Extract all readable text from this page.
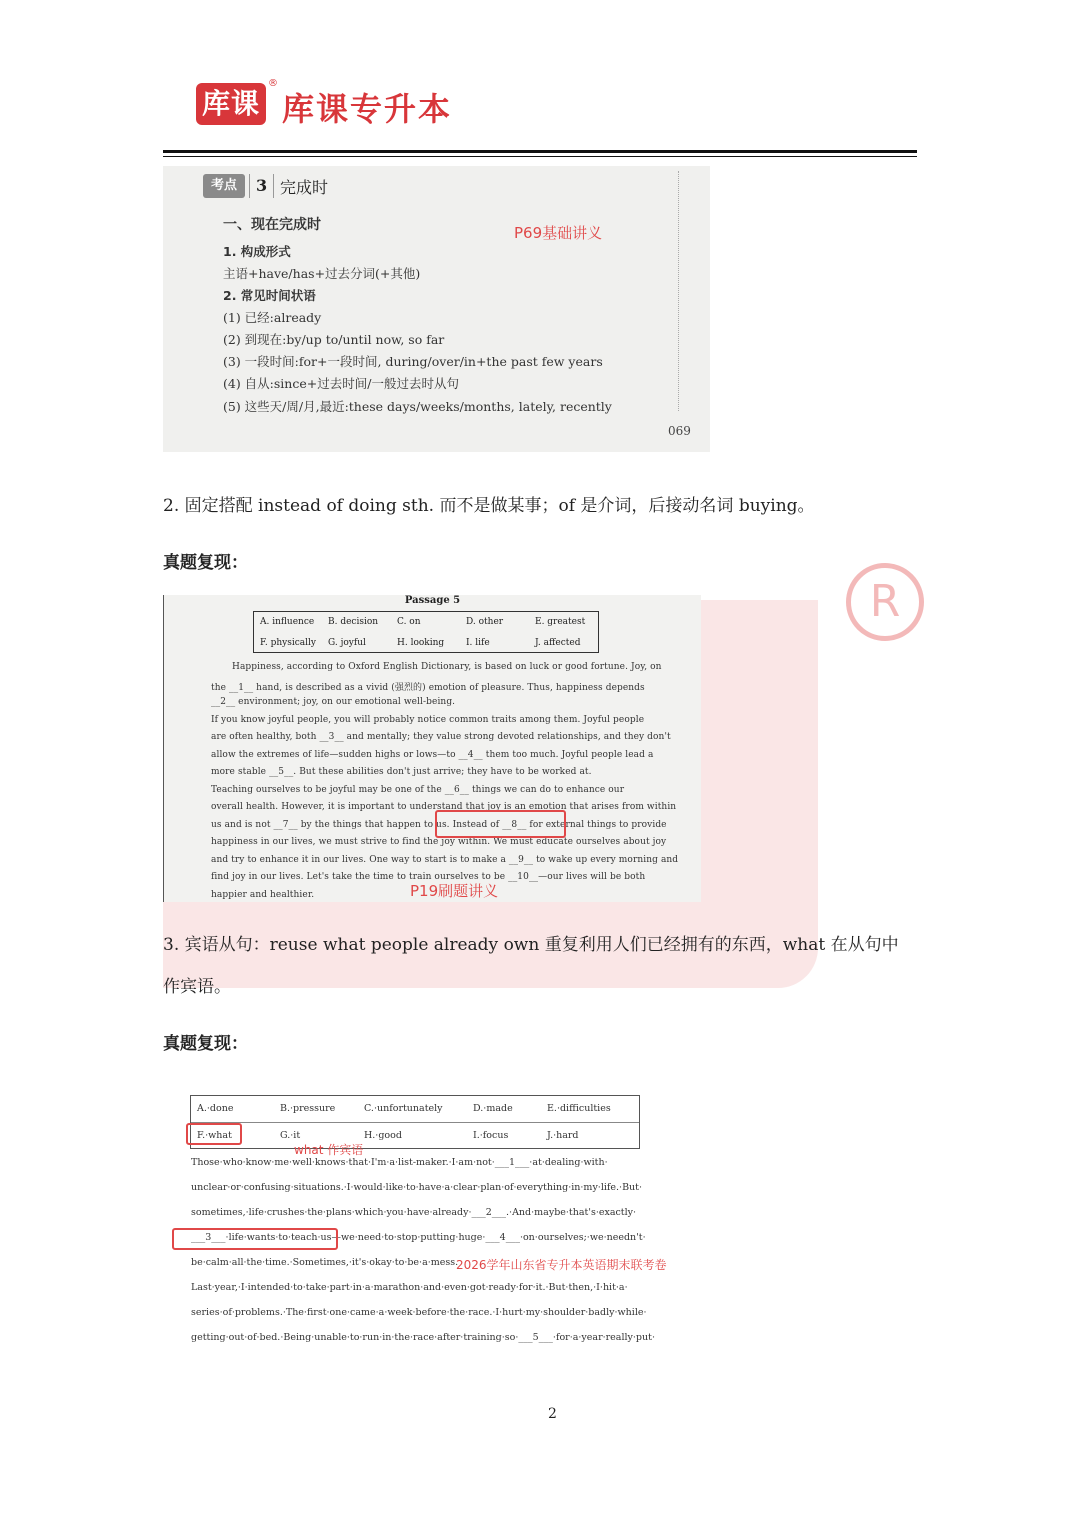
库课
®
库课专升本
考点	3 完成时
一、现在完成时
1. 构成形式
主语+have/has+过去分词(+其他)
2. 常见时间状语
(1) 已经:already
(2) 到现在:by/up to/until now, so far
(3) 一段时间:for+一段时间, during/over/in+the past few years
(4) 自从:since+过去时间/一般过去时从句
(5) 这些天/周/月,最近:these days/weeks/months, lately, recently
P69基础讲义
069
2. 固定搭配 instead of doing sth. 而不是做某事；of 是介词，后接动名词 buying。
真题复现：
R
Passage 5
A. influence B. decision C. on	D. other	E. greatest
F. physically G. joyful	H. looking I. life	J. affected
Happiness, according to Oxford English Dictionary, is based on luck or good fortune. Joy, on
the __1__ hand, is described as a vivid (强烈的) emotion of pleasure. Thus, happiness depends
__2__ environment; joy, on our emotional well-being.
If you know joyful people, you will probably notice common traits among them. Joyful people
are often healthy, both __3__ and mentally; they value strong devoted relationships, and they don't
allow the extremes of life—sudden highs or lows—to __4__ them too much. Joyful people lead a
more stable __5__. But these abilities don't just arrive; they have to be worked at.
Teaching ourselves to be joyful may be one of the __6__ things we can do to enhance our
overall health. However, it is important to understand that joy is an emotion that arises from within
us and is not __7__ by the things that happen to us. Instead of __8__ for external things to provide
happiness in our lives, we must strive to find the joy within. We must educate ourselves about joy
and try to enhance it in our lives. One way to start is to make a __9__ to wake up every morning and
find joy in our lives. Let's take the time to train ourselves to be __10__—our lives will be both
happier and healthier.	P19刷题讲义
3. 宾语从句：reuse what people already own 重复利用人们已经拥有的东西，what 在从句中
作宾语。
真题复现：
A.·done	B.·pressure	C.·unfortunately	D.·made	E.·difficulties
F.·what	G.·it	H.·good	I.·focus	J.·hard
what 作宾语
Those·who·know·me·well·knows·that·I'm·a·list-maker.·I·am·not·___1___·at·dealing·with·
unclear·or·confusing·situations.·I·would·like·to·have·a·clear·plan·of·everything·in·my·life.·But·
sometimes,·life·crushes·the·plans·which·you·have·already·___2___.·And·maybe·that's·exactly·
___3___·life·wants·to·teach·us—we·need·to·stop·putting·huge·___4___·on·ourselves;·we·needn't·
be·calm·all·the·time.·Sometimes,·it's·okay·to·be·a·mess.
2026学年山东省专升本英语期末联考卷
Last·year,·I·intended·to·take·part·in·a·marathon·and·even·got·ready·for·it.·But·then,·I·hit·a·
series·of·problems.·The·first·one·came·a·week·before·the·race.·I·hurt·my·shoulder·badly·while·
getting·out·of·bed.·Being·unable·to·run·in·the·race·after·training·so·___5___·for·a·year·really·put·
2
